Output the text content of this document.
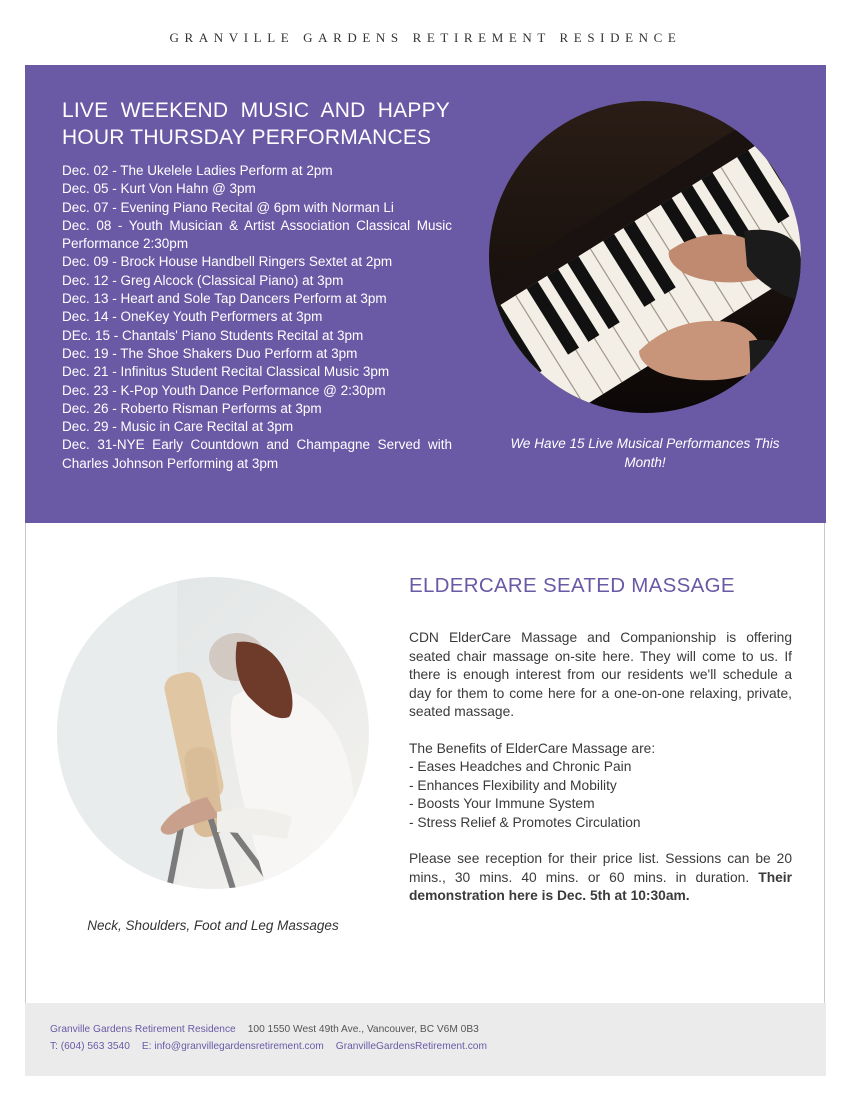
GRANVILLE GARDENS RETIREMENT RESIDENCE
LIVE WEEKEND MUSIC AND HAPPY HOUR THURSDAY PERFORMANCES
Dec. 02 - The Ukelele Ladies Perform at 2pm
Dec. 05 - Kurt Von Hahn @ 3pm
Dec. 07 - Evening Piano Recital @ 6pm with Norman Li
Dec. 08 - Youth Musician & Artist Association Classical Music Performance 2:30pm
Dec. 09 - Brock House Handbell Ringers Sextet at 2pm
Dec. 12 - Greg Alcock (Classical Piano) at 3pm
Dec. 13 - Heart and Sole Tap Dancers Perform at 3pm
Dec. 14 - OneKey Youth Performers at 3pm
DEc. 15 - Chantals' Piano Students Recital at 3pm
Dec. 19 - The Shoe Shakers Duo Perform at 3pm
Dec. 21 - Infinitus Student Recital Classical Music 3pm
Dec. 23 - K-Pop Youth Dance Performance @ 2:30pm
Dec. 26 - Roberto Risman Performs at 3pm
Dec. 29 - Music in Care Recital at 3pm
Dec. 31-NYE Early Countdown and Champagne Served with Charles Johnson Performing at 3pm
We Have 15 Live Musical Performances This Month!
Neck, Shoulders, Foot and Leg Massages
ELDERCARE SEATED MASSAGE

CDN ElderCare Massage and Companionship is offering seated chair massage on-site here. They will come to us. If there is enough interest from our residents we'll schedule a day for them to come here for a one-on-one relaxing, private, seated massage.

The Benefits of ElderCare Massage are:

- Eases Headches and Chronic Pain
- Enhances Flexibility and Mobility
- Boosts Your Immune System
- Stress Relief & Promotes Circulation

Please see reception for their price list. Sessions can be 20 mins., 30 mins. 40 mins. or 60 mins. in duration. Their demonstration here is Dec. 5th at 10:30am.

Granville Gardens Retirement Residence 100 1550 West 49th Ave., Vancouver, BC V6M 0B3
T: (604) 563 3540 E: info@granvillegardensretirement.com GranvilleGardensRetirement.com
